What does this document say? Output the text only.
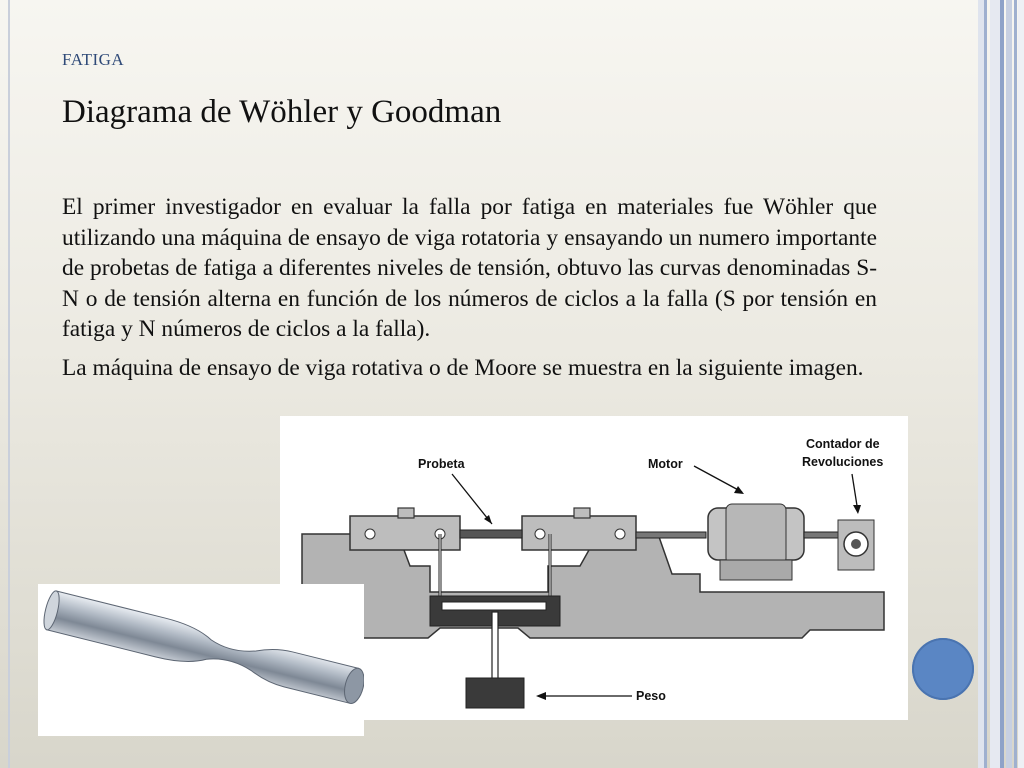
FATIGA
Diagrama de Wöhler y Goodman

El primer investigador en evaluar la falla por fatiga en materiales fue Wöhler que utilizando una máquina de ensayo de viga rotatoria y ensayando un numero importante de probetas de fatiga a diferentes niveles de tensión, obtuvo las curvas denominadas S-N o de tensión alterna en función de los números de ciclos a la falla (S por tensión en fatiga y N números de ciclos a la falla).

La máquina de ensayo de viga rotativa o de Moore se muestra en la siguiente imagen.

Probeta	Motor
Contador de
Revoluciones
Peso
